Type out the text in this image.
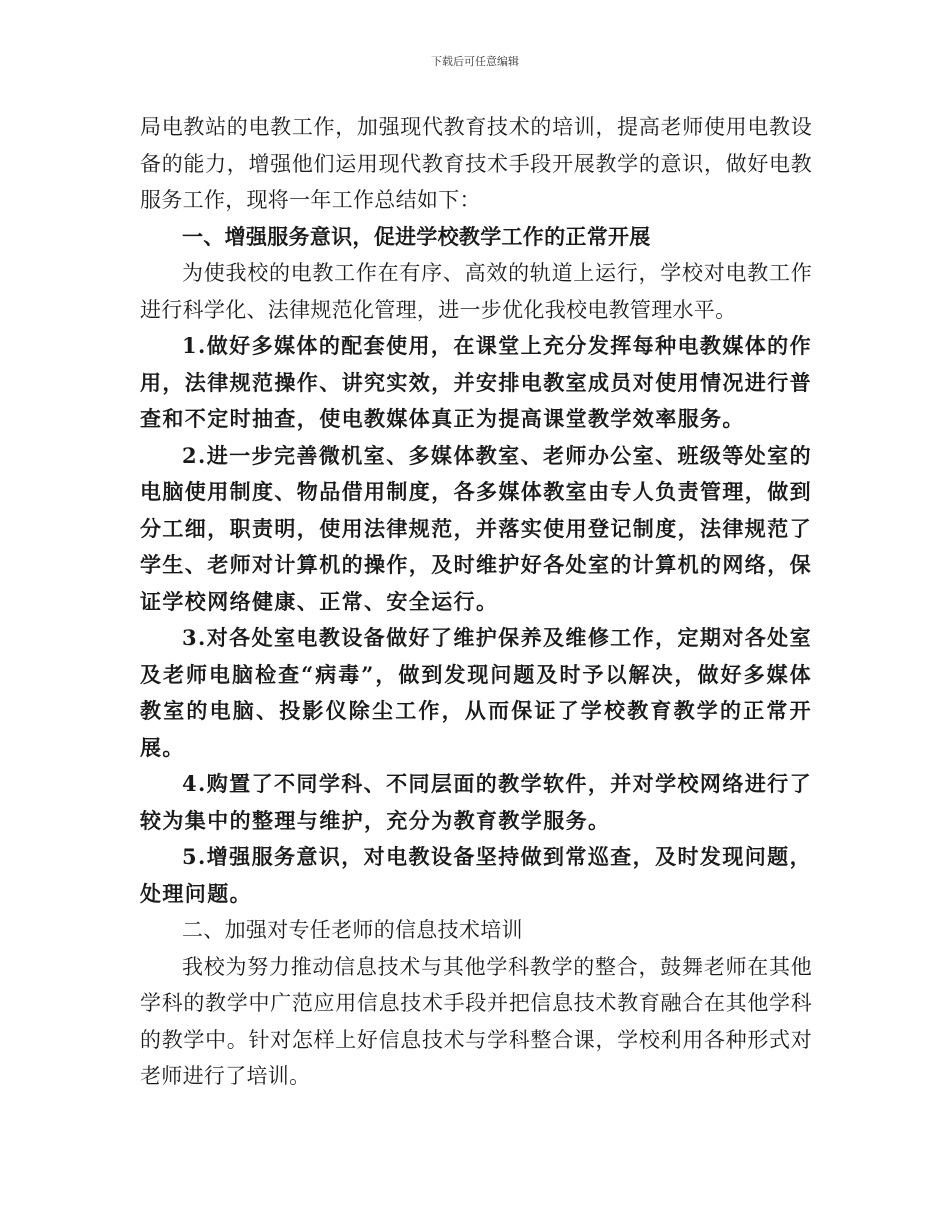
下载后可任意编辑

局电教站的电教工作，加强现代教育技术的培训，提高老师使用电教设备的能力，增强他们运用现代教育技术手段开展教学的意识，做好电教服务工作，现将一年工作总结如下：

一、增强服务意识，促进学校教学工作的正常开展

为使我校的电教工作在有序、高效的轨道上运行，学校对电教工作进行科学化、法律规范化管理，进一步优化我校电教管理水平。

1.做好多媒体的配套使用，在课堂上充分发挥每种电教媒体的作用，法律规范操作、讲究实效，并安排电教室成员对使用情况进行普查和不定时抽查，使电教媒体真正为提高课堂教学效率服务。

2.进一步完善微机室、多媒体教室、老师办公室、班级等处室的电脑使用制度、物品借用制度，各多媒体教室由专人负责管理，做到分工细，职责明，使用法律规范，并落实使用登记制度，法律规范了学生、老师对计算机的操作，及时维护好各处室的计算机的网络，保证学校网络健康、正常、安全运行。

3.对各处室电教设备做好了维护保养及维修工作，定期对各处室及老师电脑检查“病毒”，做到发现问题及时予以解决，做好多媒体教室的电脑、投影仪除尘工作，从而保证了学校教育教学的正常开展。

4.购置了不同学科、不同层面的教学软件，并对学校网络进行了较为集中的整理与维护，充分为教育教学服务。

5.增强服务意识，对电教设备坚持做到常巡查，及时发现问题，处理问题。

二、加强对专任老师的信息技术培训

我校为努力推动信息技术与其他学科教学的整合，鼓舞老师在其他学科的教学中广范应用信息技术手段并把信息技术教育融合在其他学科的教学中。针对怎样上好信息技术与学科整合课，学校利用各种形式对老师进行了培训。
